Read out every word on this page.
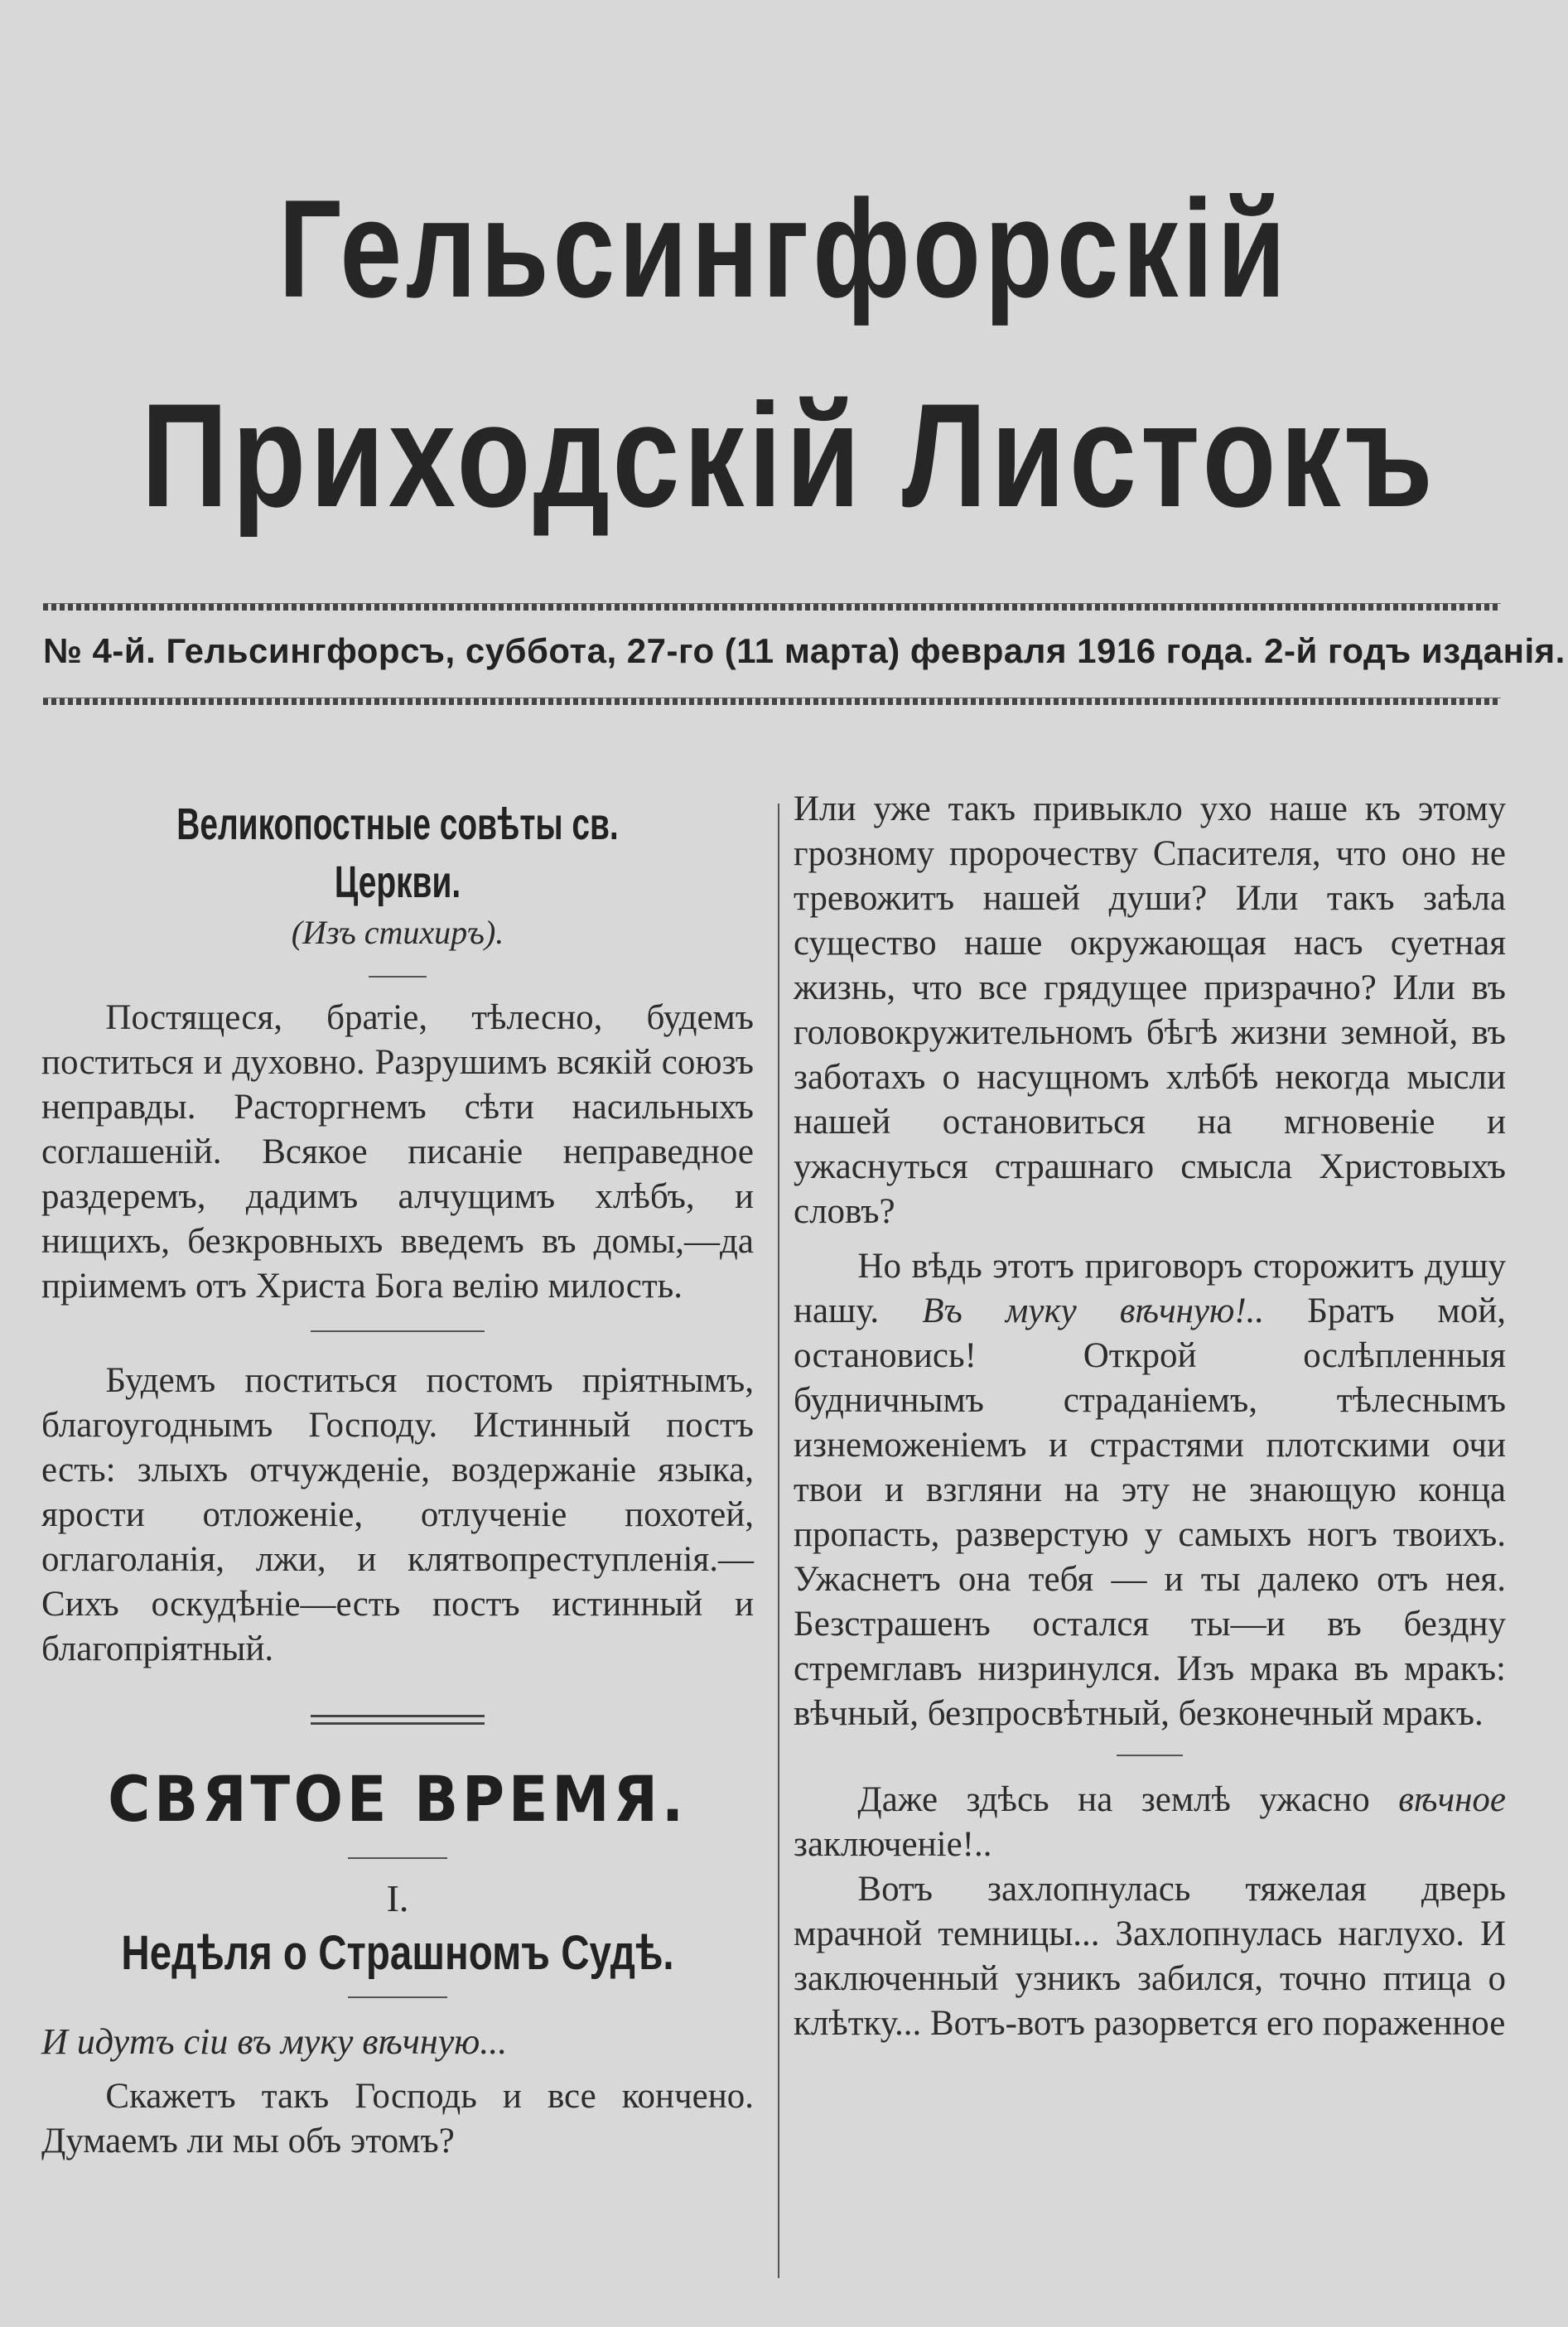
Гельсингфорскій
Приходскій Листокъ
№ 4-й. Гельсингфорсъ, суббота, 27-го (11 марта) февраля 1916 года. 2-й годъ изданія.
Великопостные совѣты св. Церкви.

(Изъ стихиръ).

Постящеся, братіе, тѣлесно, будемъ поститься и духовно. Разрушимъ всякій союзъ неправды. Расторгнемъ сѣти насильныхъ соглашеній. Всякое писаніе неправедное раздеремъ, дадимъ алчущимъ хлѣбъ, и нищихъ, безкровныхъ введемъ въ домы,—да пріимемъ отъ Христа Бога велію милость.

Будемъ поститься постомъ пріятнымъ, благоугоднымъ Господу. Истинный постъ есть: злыхъ отчужденіе, воздержаніе языка, ярости отложеніе, отлученіе похотей, оглаголанія, лжи, и клятвопреступленія.—Сихъ оскудѣніе—есть постъ истинный и благопріятный.

СВЯТОЕ ВРЕМЯ.

I.

Недѣля о Страшномъ Судѣ.

И идутъ сіи въ муку вѣчную...

Скажетъ такъ Господь и все кончено. Думаемъ ли мы объ этомъ?

Или уже такъ привыкло ухо наше къ этому грозному пророчеству Спасителя, что оно не тревожитъ нашей души? Или такъ заѣла существо наше окружающая насъ суетная жизнь, что все грядущее призрачно? Или въ головокружительномъ бѣгѣ жизни земной, въ заботахъ о насущномъ хлѣбѣ некогда мысли нашей остановиться на мгновеніе и ужаснуться страшнаго смысла Христовыхъ словъ?

Но вѣдь этотъ приговоръ сторожитъ душу нашу. Въ муку вѣчную!.. Братъ мой, остановись! Открой ослѣпленныя будничнымъ страданіемъ, тѣлеснымъ изнеможеніемъ и страстями плотскими очи твои и взгляни на эту не знающую конца пропасть, разверстую у самыхъ ногъ твоихъ. Ужаснетъ она тебя — и ты далеко отъ нея. Безстрашенъ остался ты—и въ бездну стремглавъ низринулся. Изъ мрака въ мракъ: вѣчный, безпросвѣтный, безконечный мракъ.

Даже здѣсь на землѣ ужасно вѣчное заключеніе!..

Вотъ захлопнулась тяжелая дверь мрачной темницы... Захлопнулась наглухо. И заключенный узникъ забился, точно птица о клѣтку... Вотъ-вотъ разорвется его пораженное
